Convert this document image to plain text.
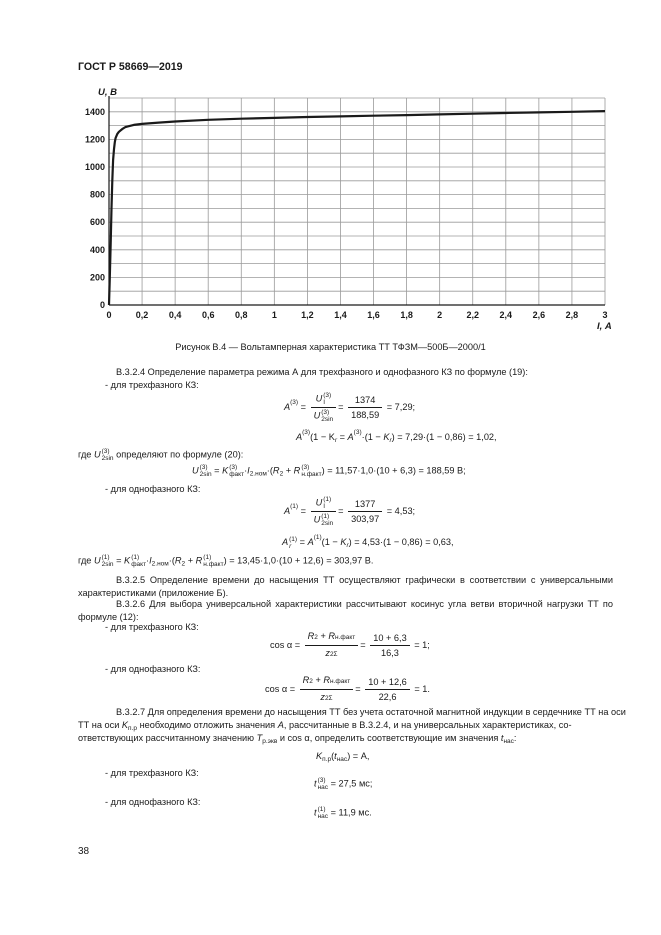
ГОСТ Р 58669—2019
0
200
400
600
800
1000
1200
1400
0	0,2 0,4 0,6 0,8	1	1,2 1,4 1,6 1,8	2	2,2 2,4 2,6 2,8	3
U, В
I, А
Рисунок В.4 — Вольтамперная характеристика ТТ ТФЗМ—500Б—2000/1
В.3.2.4 Определение параметра режима А для трехфазного и однофазного КЗ по формуле (19):
- для трехфазного КЗ:
$A^{(3)} = U$ (3)
I
U (3)
$2\sin = \frac{1374}{188,59} = 7,29$;
$A^{(3)}(1 - K_r = A^{(3)}\cdot(1 - K_r) = 7,29\cdot(1 - 0,86) = 1,02$,
где U (3)
2sin определяют по формуле (20):
U (3)
2sin = K (3)
факт $\cdot I_{2.ном}\cdot(R_2 + R$ (3)
н.факт ) = 11,57·1,0·(10 + 6,3) = 188,59 В;
- для однофазного КЗ:
$A^{(1)} = U$ (1)
I
U (1)
$2\sin = \frac{1377}{303,97} = 4,53$;
A (1)
$r = A^{(1)}(1 - K_r) = 4,53\cdot(1 - 0,86) = 0,63$,
где U (1)
2sin = K (1)
факт $\cdot I_{2.ном}\cdot(R_2 + R$ (1)
н.факт ) = 13,45·1,0·(10 + 12,6) = 303,97 В.
В.3.2.5 Определение времени до насыщения ТТ осуществляют графически в соответствии с универсальными характеристиками (приложение Б).
В.3.2.6 Для выбора универсальной характеристики рассчитывают косинус угла ветви вторичной нагрузки ТТ по формуле (12):
- для трехфазного КЗ:
$\cos \alpha = \frac{\text{R2 + Rн.факт}}{z2\Sigma} = \frac{10 + 6,3}{16,3} = 1$;
- для однофазного КЗ:
$\cos \alpha = \frac{\text{R2 + Rн.факт}}{z2\Sigma} = \frac{10 + 12,6}{22,6} = 1$.
В.3.2.7 Для определения времени до насыщения ТТ без учета остаточной магнитной индукции в сердечнике ТТ на оси
ТТ на оси $K_{п.р}$ необходимо отложить значения A, рассчитанные в В.3.2.4, и на универсальных характеристиках, со-
ответствующих рассчитанному значению $T_{р.экв}$ и cos α, определить соответствующие им значения $t_{нас}$:
$K_{п.р}(t_{нас}) = A$,
- для трехфазного КЗ:
t (3)
нас = 27,5 мс;
- для однофазного КЗ:
t (1)
нас = 11,9 мс.
38
